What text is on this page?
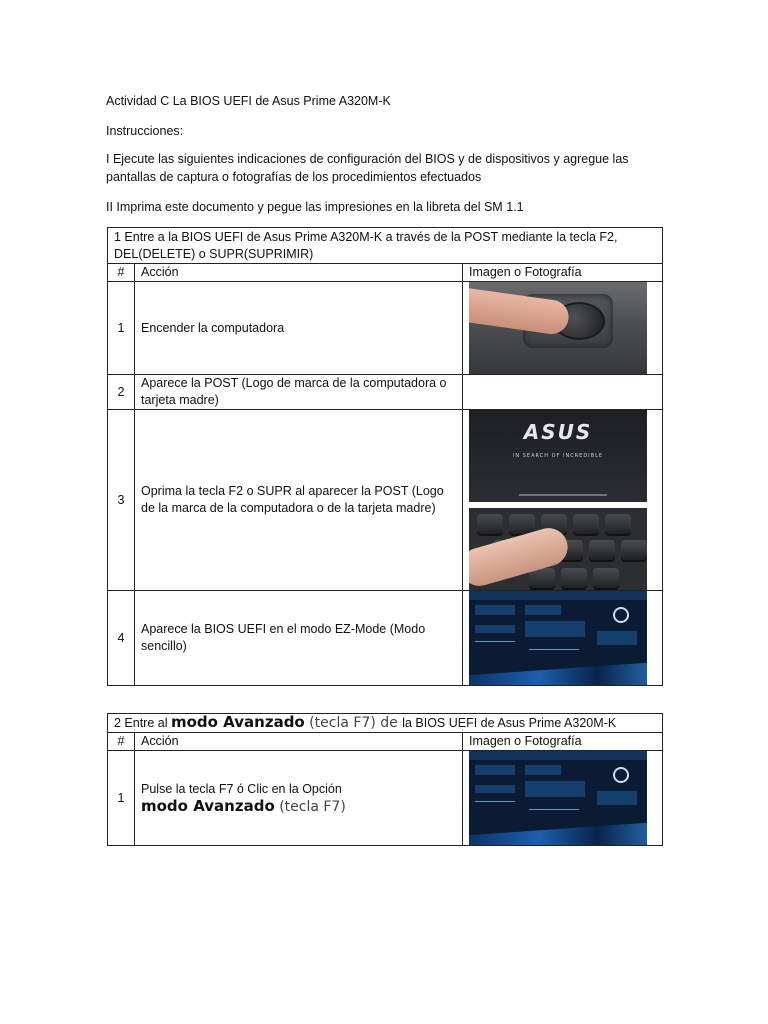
Actividad C La BIOS UEFI de Asus Prime A320M-K

Instrucciones:

I Ejecute las siguientes indicaciones de configuración del BIOS y de dispositivos y agregue las pantallas de captura o fotografías de los procedimientos efectuados

II Imprima este documento y pegue las impresiones en la libreta del SM 1.1

1 Entre a la BIOS UEFI de Asus Prime A320M-K a través de la POST mediante la tecla F2, DEL(DELETE) o SUPR(SUPRIMIR)		
#	Acción	Imagen o Fotografía
1	Encender la computadora	

2	Aparece la POST (Logo de marca de la computadora o tarjeta madre)	
3	Oprima la tecla F2 o SUPR al aparecer la POST (Logo de la marca de la computadora o de la tarjeta madre)	ASUS
IN SEARCH OF INCREDIBLE

4	Aparece la BIOS UEFI en el modo EZ-Mode (Modo sencillo)	
2 Entre al modo Avanzado (tecla F7) de la BIOS UEFI de Asus Prime A320M-K		
#	Acción	Imagen o Fotografía
1	Pulse la tecla F7 ó Clic en la Opción
modo Avanzado (tecla F7)	
